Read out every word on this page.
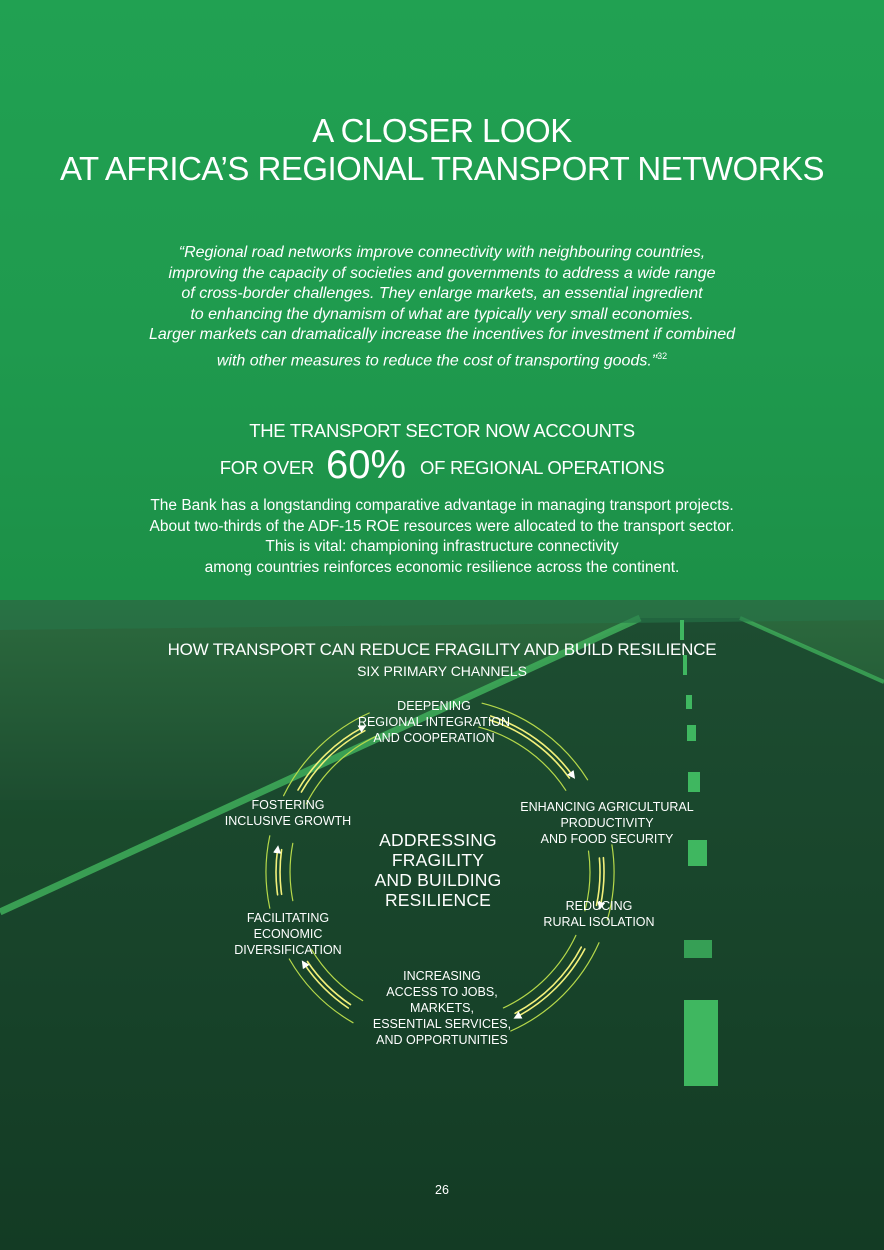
A CLOSER LOOK
AT AFRICA’S REGIONAL TRANSPORT NETWORKS
“Regional road networks improve connectivity with neighbouring countries,
improving the capacity of societies and governments to address a wide range
of cross-border challenges. They enlarge markets, an essential ingredient
to enhancing the dynamism of what are typically very small economies.
Larger markets can dramatically increase the incentives for investment if combined
with other measures to reduce the cost of transporting goods.”$^{32}$
THE TRANSPORT SECTOR NOW ACCOUNTS
FOR OVER 60% OF REGIONAL OPERATIONS
The Bank has a longstanding comparative advantage in managing transport projects.
About two-thirds of the ADF-15 ROE resources were allocated to the transport sector.
This is vital: championing infrastructure connectivity
among countries reinforces economic resilience across the continent.
HOW TRANSPORT CAN REDUCE FRAGILITY AND BUILD RESILIENCE
SIX PRIMARY CHANNELS
ADDRESSING
FRAGILITY
AND BUILDING
RESILIENCE
DEEPENING
REGIONAL INTEGRATION
AND COOPERATION
ENHANCING AGRICULTURAL
PRODUCTIVITY
AND FOOD SECURITY
REDUCING
RURAL ISOLATION
INCREASING
ACCESS TO JOBS,
MARKETS,
ESSENTIAL SERVICES,
AND OPPORTUNITIES
FACILITATING
ECONOMIC
DIVERSIFICATION
FOSTERING
INCLUSIVE GROWTH
26
